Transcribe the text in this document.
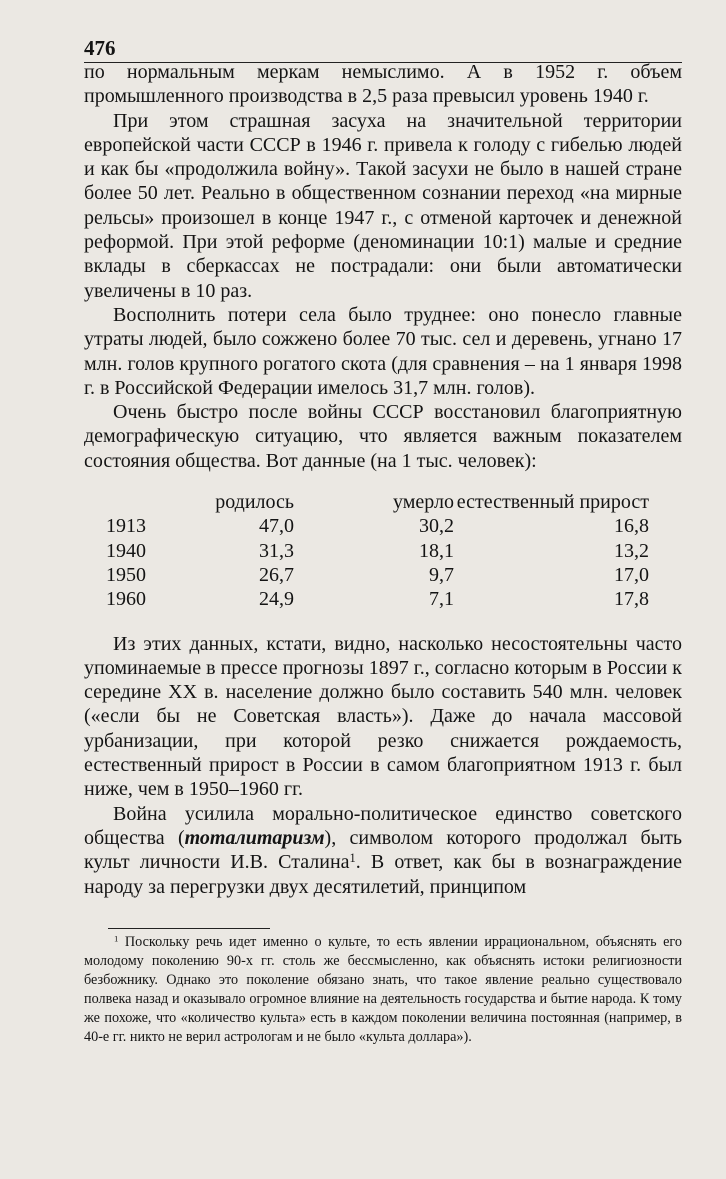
476

по нормальным меркам немыслимо. А в 1952 г. объем промышленного производства в 2,5 раза превысил уровень 1940 г.

При этом страшная засуха на значительной территории европейской части СССР в 1946 г. привела к голоду с гибелью людей и как бы «продолжила войну». Такой засухи не было в нашей стране более 50 лет. Реально в общественном сознании переход «на мирные рельсы» произошел в конце 1947 г., с отменой карточек и денежной реформой. При этой реформе (деноминации 10:1) малые и средние вклады в сберкассах не пострадали: они были автоматически увеличены в 10 раз.

Восполнить потери села было труднее: оно понесло главные утраты людей, было сожжено более 70 тыс. сел и деревень, угнано 17 млн. голов крупного рогатого скота (для сравнения – на 1 января 1998 г. в Российской Федерации имелось 31,7 млн. голов).

Очень быстро после войны СССР восстановил благоприятную демографическую ситуацию, что является важным показателем состояния общества. Вот данные (на 1 тыс. человек):

	родилось	умерло	естественный прирост
1913	47,0	30,2	16,8
1940	31,3	18,1	13,2
1950	26,7	9,7	17,0
1960	24,9	7,1	17,8

Из этих данных, кстати, видно, насколько несостоятельны часто упоминаемые в прессе прогнозы 1897 г., согласно которым в России к середине XX в. население должно было составить 540 млн. человек («если бы не Советская власть»). Даже до начала массовой урбанизации, при которой резко снижается рождаемость, естественный прирост в России в самом благоприятном 1913 г. был ниже, чем в 1950–1960 гг.

Война усилила морально-политическое единство советского общества (тоталитаризм), символом которого продолжал быть культ личности И.В. Сталина$^1$. В ответ, как бы в вознаграждение народу за перегрузки двух десятилетий, принципом

$^1$ Поскольку речь идет именно о культе, то есть явлении иррациональном, объяснять его молодому поколению 90-х гг. столь же бессмысленно, как объяснять истоки религиозности безбожнику. Однако это поколение обязано знать, что такое явление реально существовало полвека назад и оказывало огромное влияние на деятельность государства и бытие народа. К тому же похоже, что «количество культа» есть в каждом поколении величина постоянная (например, в 40-е гг. никто не верил астрологам и не было «культа доллара»).
